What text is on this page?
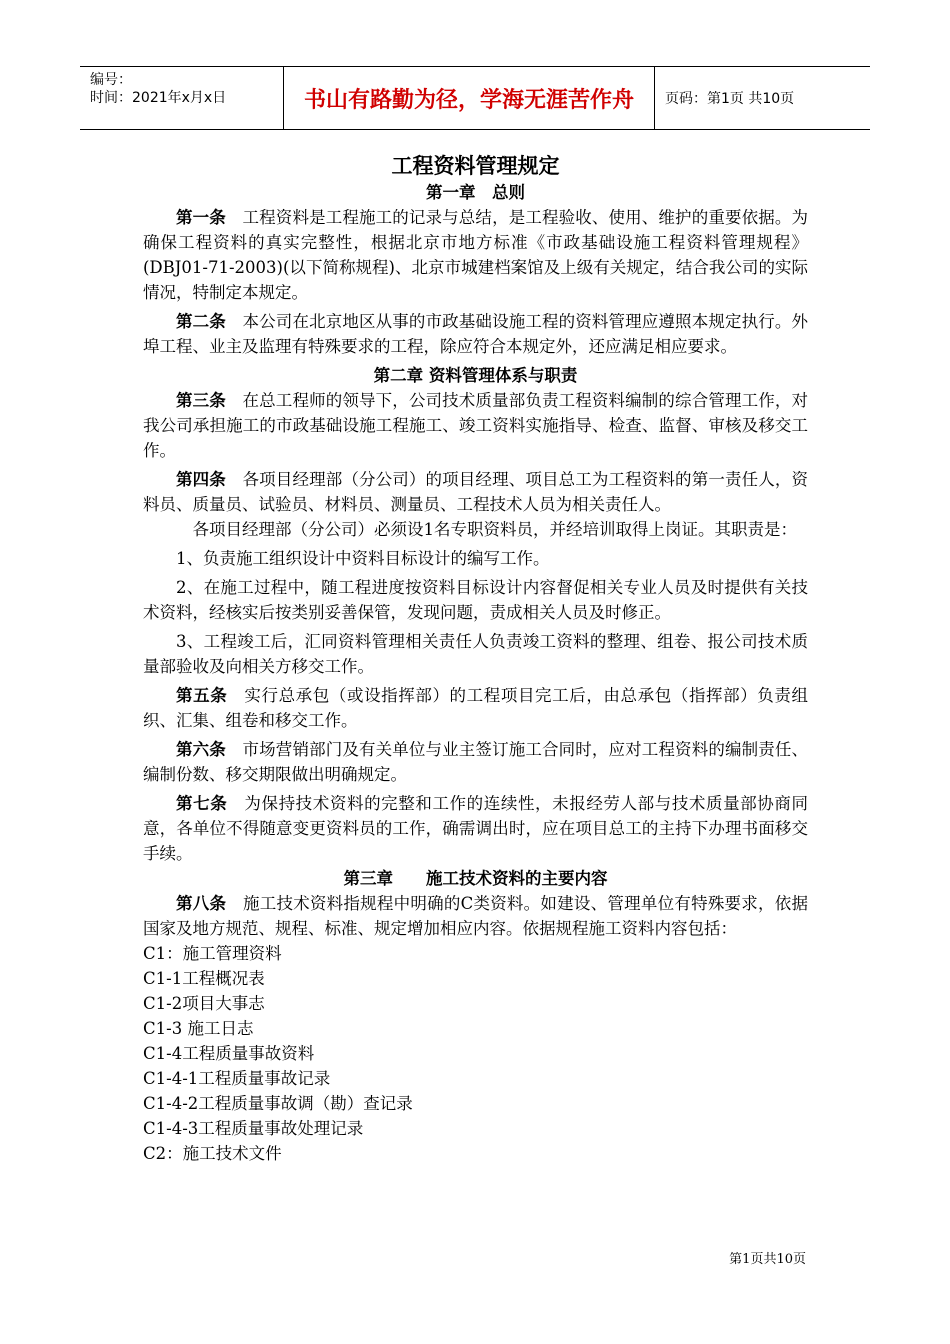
编号：
时间：2021年x月x日	书山有路勤为径，学海无涯苦作舟	页码：第1页 共10页
工程资料管理规定
第一章　总则

第一条　工程资料是工程施工的记录与总结，是工程验收、使用、维护的重要依据。为确保工程资料的真实完整性，根据北京市地方标准《市政基础设施工程资料管理规程》(DBJ01-71-2003)(以下简称规程)、北京市城建档案馆及上级有关规定，结合我公司的实际情况，特制定本规定。

第二条　本公司在北京地区从事的市政基础设施工程的资料管理应遵照本规定执行。外埠工程、业主及监理有特殊要求的工程，除应符合本规定外，还应满足相应要求。

第二章 资料管理体系与职责

第三条　在总工程师的领导下，公司技术质量部负责工程资料编制的综合管理工作，对我公司承担施工的市政基础设施工程施工、竣工资料实施指导、检查、监督、审核及移交工作。

第四条　各项目经理部（分公司）的项目经理、项目总工为工程资料的第一责任人，资料员、质量员、试验员、材料员、测量员、工程技术人员为相关责任人。

　各项目经理部（分公司）必须设1名专职资料员，并经培训取得上岗证。其职责是：

1、负责施工组织设计中资料目标设计的编写工作。

2、在施工过程中，随工程进度按资料目标设计内容督促相关专业人员及时提供有关技术资料，经核实后按类别妥善保管，发现问题，责成相关人员及时修正。

3、工程竣工后，汇同资料管理相关责任人负责竣工资料的整理、组卷、报公司技术质量部验收及向相关方移交工作。

第五条　实行总承包（或设指挥部）的工程项目完工后，由总承包（指挥部）负责组织、汇集、组卷和移交工作。

第六条　市场营销部门及有关单位与业主签订施工合同时，应对工程资料的编制责任、编制份数、移交期限做出明确规定。

第七条　为保持技术资料的完整和工作的连续性，未报经劳人部与技术质量部协商同意，各单位不得随意变更资料员的工作，确需调出时，应在项目总工的主持下办理书面移交手续。

第三章　　施工技术资料的主要内容

第八条　施工技术资料指规程中明确的C类资料。如建设、管理单位有特殊要求，依据国家及地方规范、规程、标准、规定增加相应内容。依据规程施工资料内容包括：

C1：施工管理资料

C1-1工程概况表

C1-2项目大事志

C1-3 施工日志

C1-4工程质量事故资料

C1-4-1工程质量事故记录

C1-4-2工程质量事故调（勘）查记录

C1-4-3工程质量事故处理记录

C2：施工技术文件

第1页共10页
